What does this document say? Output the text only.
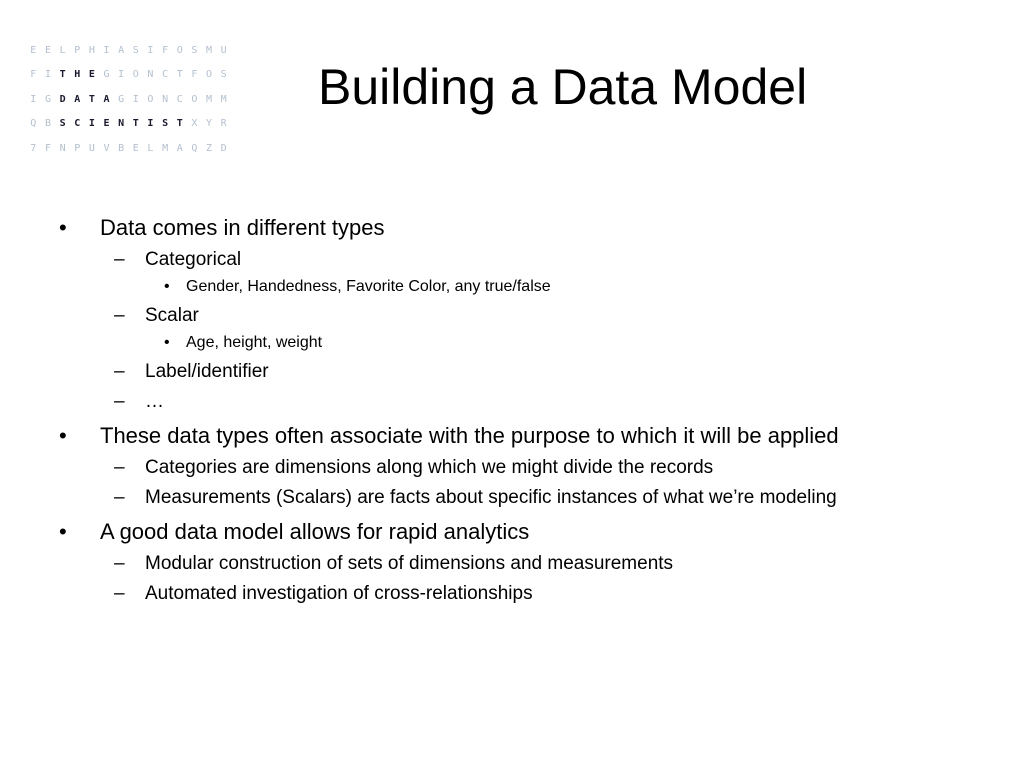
E E L P H I A S I F O S M U
F I T H E G I O N C T F O S
I G D A T A G I O N C O M M
Q B S C I E N T I S T X Y R
7 F N P U V B E L M A Q Z D
Building a Data Model
•	Data comes in different types
–	Categorical
•	Gender, Handedness, Favorite Color, any true/false
–	Scalar
•	Age, height, weight
–	Label/identifier
–	…
•	These data types often associate with the purpose to which it will be applied
–	Categories are dimensions along which we might divide the records
–	Measurements (Scalars) are facts about specific instances of what we’re modeling
•	A good data model allows for rapid analytics
–	Modular construction of sets of dimensions and measurements
–	Automated investigation of cross-relationships
